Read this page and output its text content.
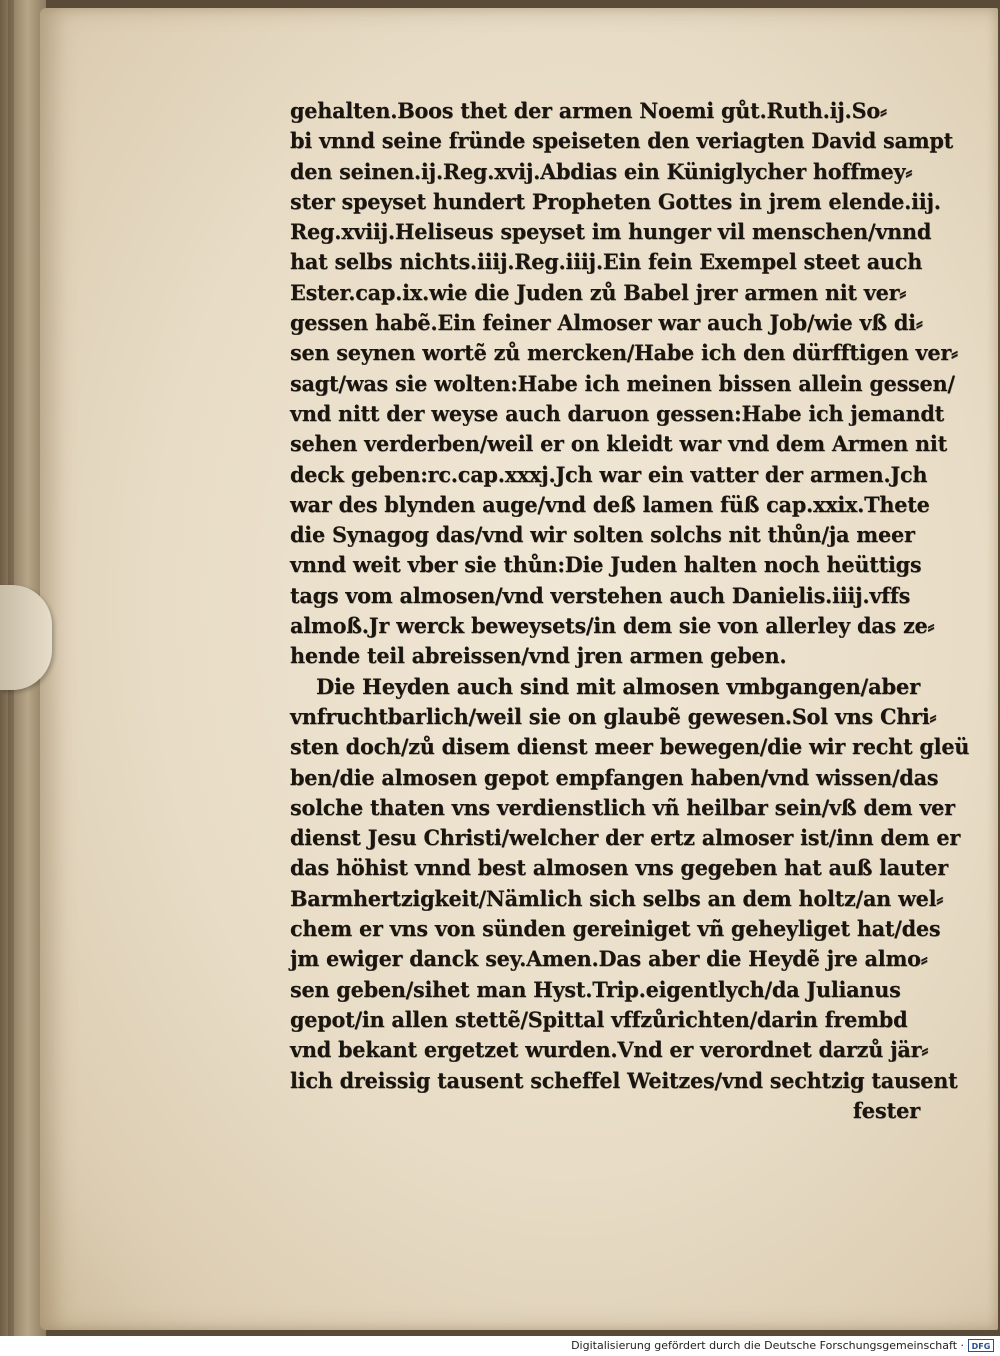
gehalten.Boos thet der armen Noemi gůt.Ruth.ij.So⸗
bi vnnd seine fründe speiseten den veriagten David sampt
den seinen.ij.Reg.xvij.Abdias ein Küniglycher hoffmey⸗
ster speyset hundert Propheten Gottes in jrem elende.iij.
Reg.xviij.Heliseus speyset im hunger vil menschen/vnnd
hat selbs nichts.iiij.Reg.iiij.Ein fein Exempel steet auch
Ester.cap.ix.wie die Juden zů Babel jrer armen nit ver⸗
gessen habẽ.Ein feiner Almoser war auch Job/wie vß di⸗
sen seynen wortẽ zů mercken/Habe ich den dürfftigen ver⸗
sagt/was sie wolten:Habe ich meinen bissen allein gessen/
vnd nitt der weyse auch daruon gessen:Habe ich jemandt
sehen verderben/weil er on kleidt war vnd dem Armen nit
deck geben:rc.cap.xxxj.Jch war ein vatter der armen.Jch
war des blynden auge/vnd deß lamen füß cap.xxix.Thete
die Synagog das/vnd wir solten solchs nit thůn/ja meer
vnnd weit vber sie thůn:Die Juden halten noch heüttigs
tags vom almosen/vnd verstehen auch Danielis.iiij.vffs
almoß.Jr werck beweysets/in dem sie von allerley das ze⸗
hende teil abreissen/vnd jren armen geben.
Die Heyden auch sind mit almosen vmbgangen/aber
vnfruchtbarlich/weil sie on glaubẽ gewesen.Sol vns Chri⸗
sten doch/zů disem dienst meer bewegen/die wir recht gleü
ben/die almosen gepot empfangen haben/vnd wissen/das
solche thaten vns verdienstlich vñ heilbar sein/vß dem ver
dienst Jesu Christi/welcher der ertz almoser ist/inn dem er
das höhist vnnd best almosen vns gegeben hat auß lauter
Barmhertzigkeit/Nämlich sich selbs an dem holtz/an wel⸗
chem er vns von sünden gereiniget vñ geheyliget hat/des
jm ewiger danck sey.Amen.Das aber die Heydẽ jre almo⸗
sen geben/sihet man Hyst.Trip.eigentlych/da Julianus
gepot/in allen stettẽ/Spittal vffzůrichten/darin frembd
vnd bekant ergetzet wurden.Vnd er verordnet darzů jär⸗
lich dreissig tausent scheffel Weitzes/vnd sechtzig tausent
fester
Digitalisierung gefördert durch die Deutsche Forschungsgemeinschaft · DFG
